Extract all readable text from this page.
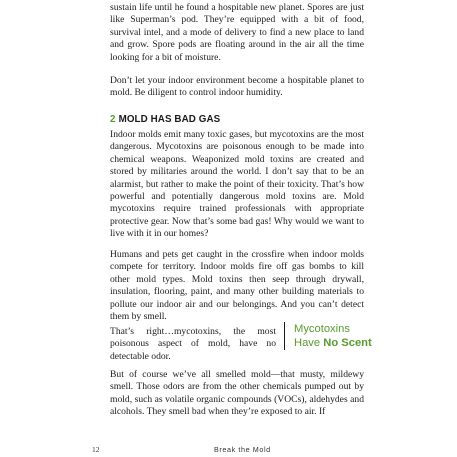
sustain life until he found a hospitable new planet. Spores are just like Superman’s pod. They’re equipped with a bit of food, survival intel, and a mode of delivery to find a new place to land and grow. Spore pods are floating around in the air all the time looking for a bit of moisture.

Don’t let your indoor environment become a hospitable planet to mold. Be diligent to control indoor humidity.

2 MOLD HAS BAD GAS

Indoor molds emit many toxic gases, but mycotoxins are the most dangerous. Mycotoxins are poisonous enough to be made into chemical weapons. Weaponized mold toxins are created and stored by militaries around the world. I don’t say that to be an alarmist, but rather to make the point of their toxicity. That’s how powerful and potentially dangerous mold toxins are. Mold mycotoxins require trained professionals with appropriate protective gear. Now that’s some bad gas! Why would we want to live with it in our homes?

Humans and pets get caught in the crossfire when indoor molds compete for territory. Indoor molds fire off gas bombs to kill other mold types. Mold toxins then seep through drywall, insulation, flooring, paint, and many other building materials to pollute our indoor air and our belongings. And you can’t detect them by smell.

That’s right…mycotoxins, the most poisonous aspect of mold, have no detectable odor.

Mycotoxins
Have No Scent

But of course we’ve all smelled mold—that musty, mildewy smell. Those odors are from the other chemicals pumped out by mold, such as volatile organic compounds (VOCs), aldehydes and alcohols. They smell bad when they’re exposed to air. If

12	Break the Mold
